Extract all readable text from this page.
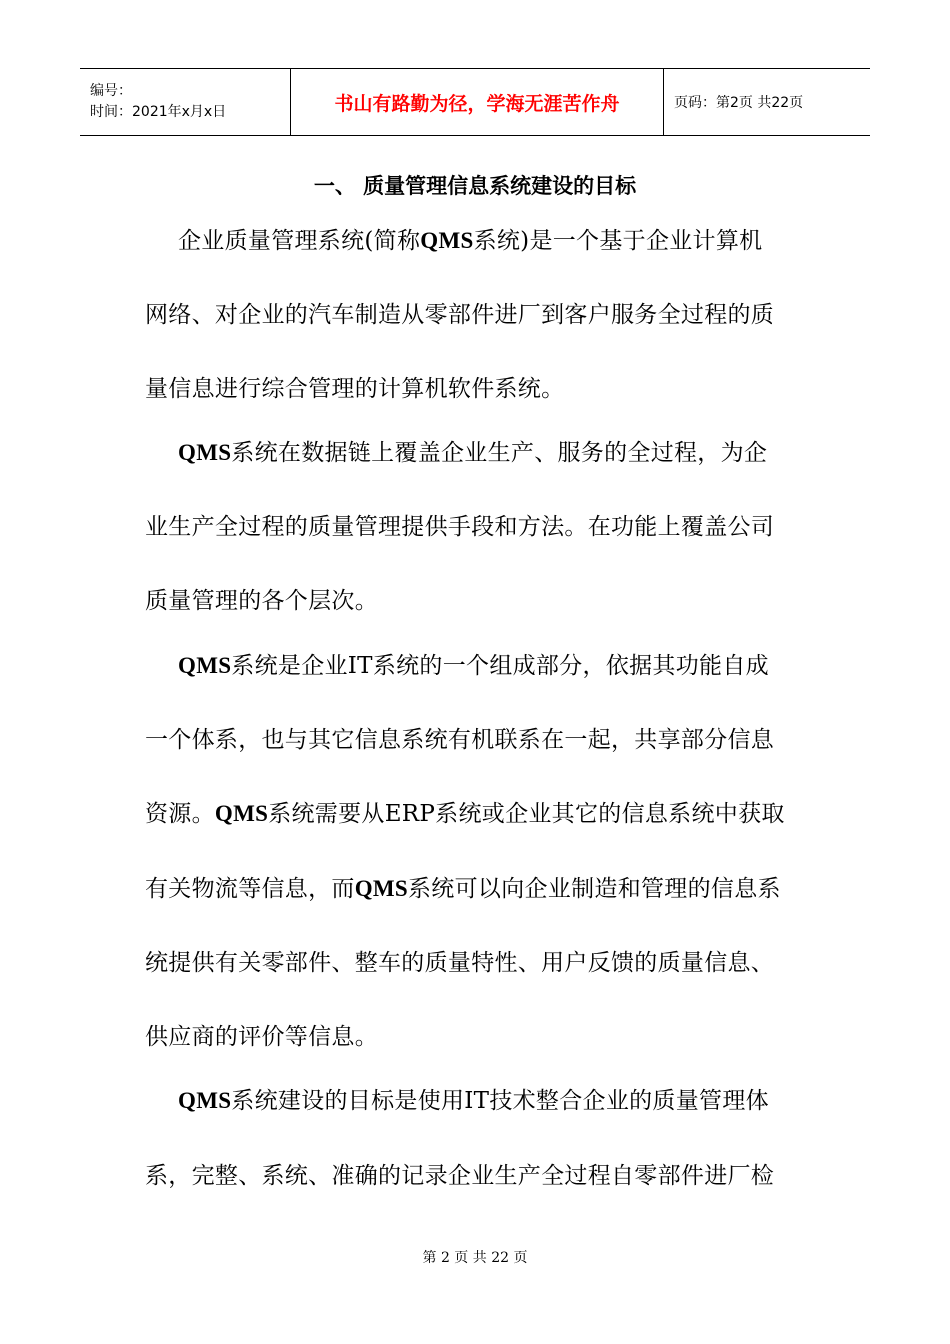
编号：
时间：2021年x月x日	书山有路勤为径，学海无涯苦作舟	页码：第2页 共22页
一、 质量管理信息系统建设的目标
企业质量管理系统(简称QMS系统)是一个基于企业计算机
网络、对企业的汽车制造从零部件进厂到客户服务全过程的质
量信息进行综合管理的计算机软件系统。
QMS系统在数据链上覆盖企业生产、服务的全过程，为企
业生产全过程的质量管理提供手段和方法。在功能上覆盖公司
质量管理的各个层次。
QMS系统是企业IT系统的一个组成部分，依据其功能自成
一个体系，也与其它信息系统有机联系在一起，共享部分信息
资源。QMS系统需要从ERP系统或企业其它的信息系统中获取
有关物流等信息，而QMS系统可以向企业制造和管理的信息系
统提供有关零部件、整车的质量特性、用户反馈的质量信息、
供应商的评价等信息。
QMS系统建设的目标是使用IT技术整合企业的质量管理体
系，完整、系统、准确的记录企业生产全过程自零部件进厂检
第 2 页 共 22 页
